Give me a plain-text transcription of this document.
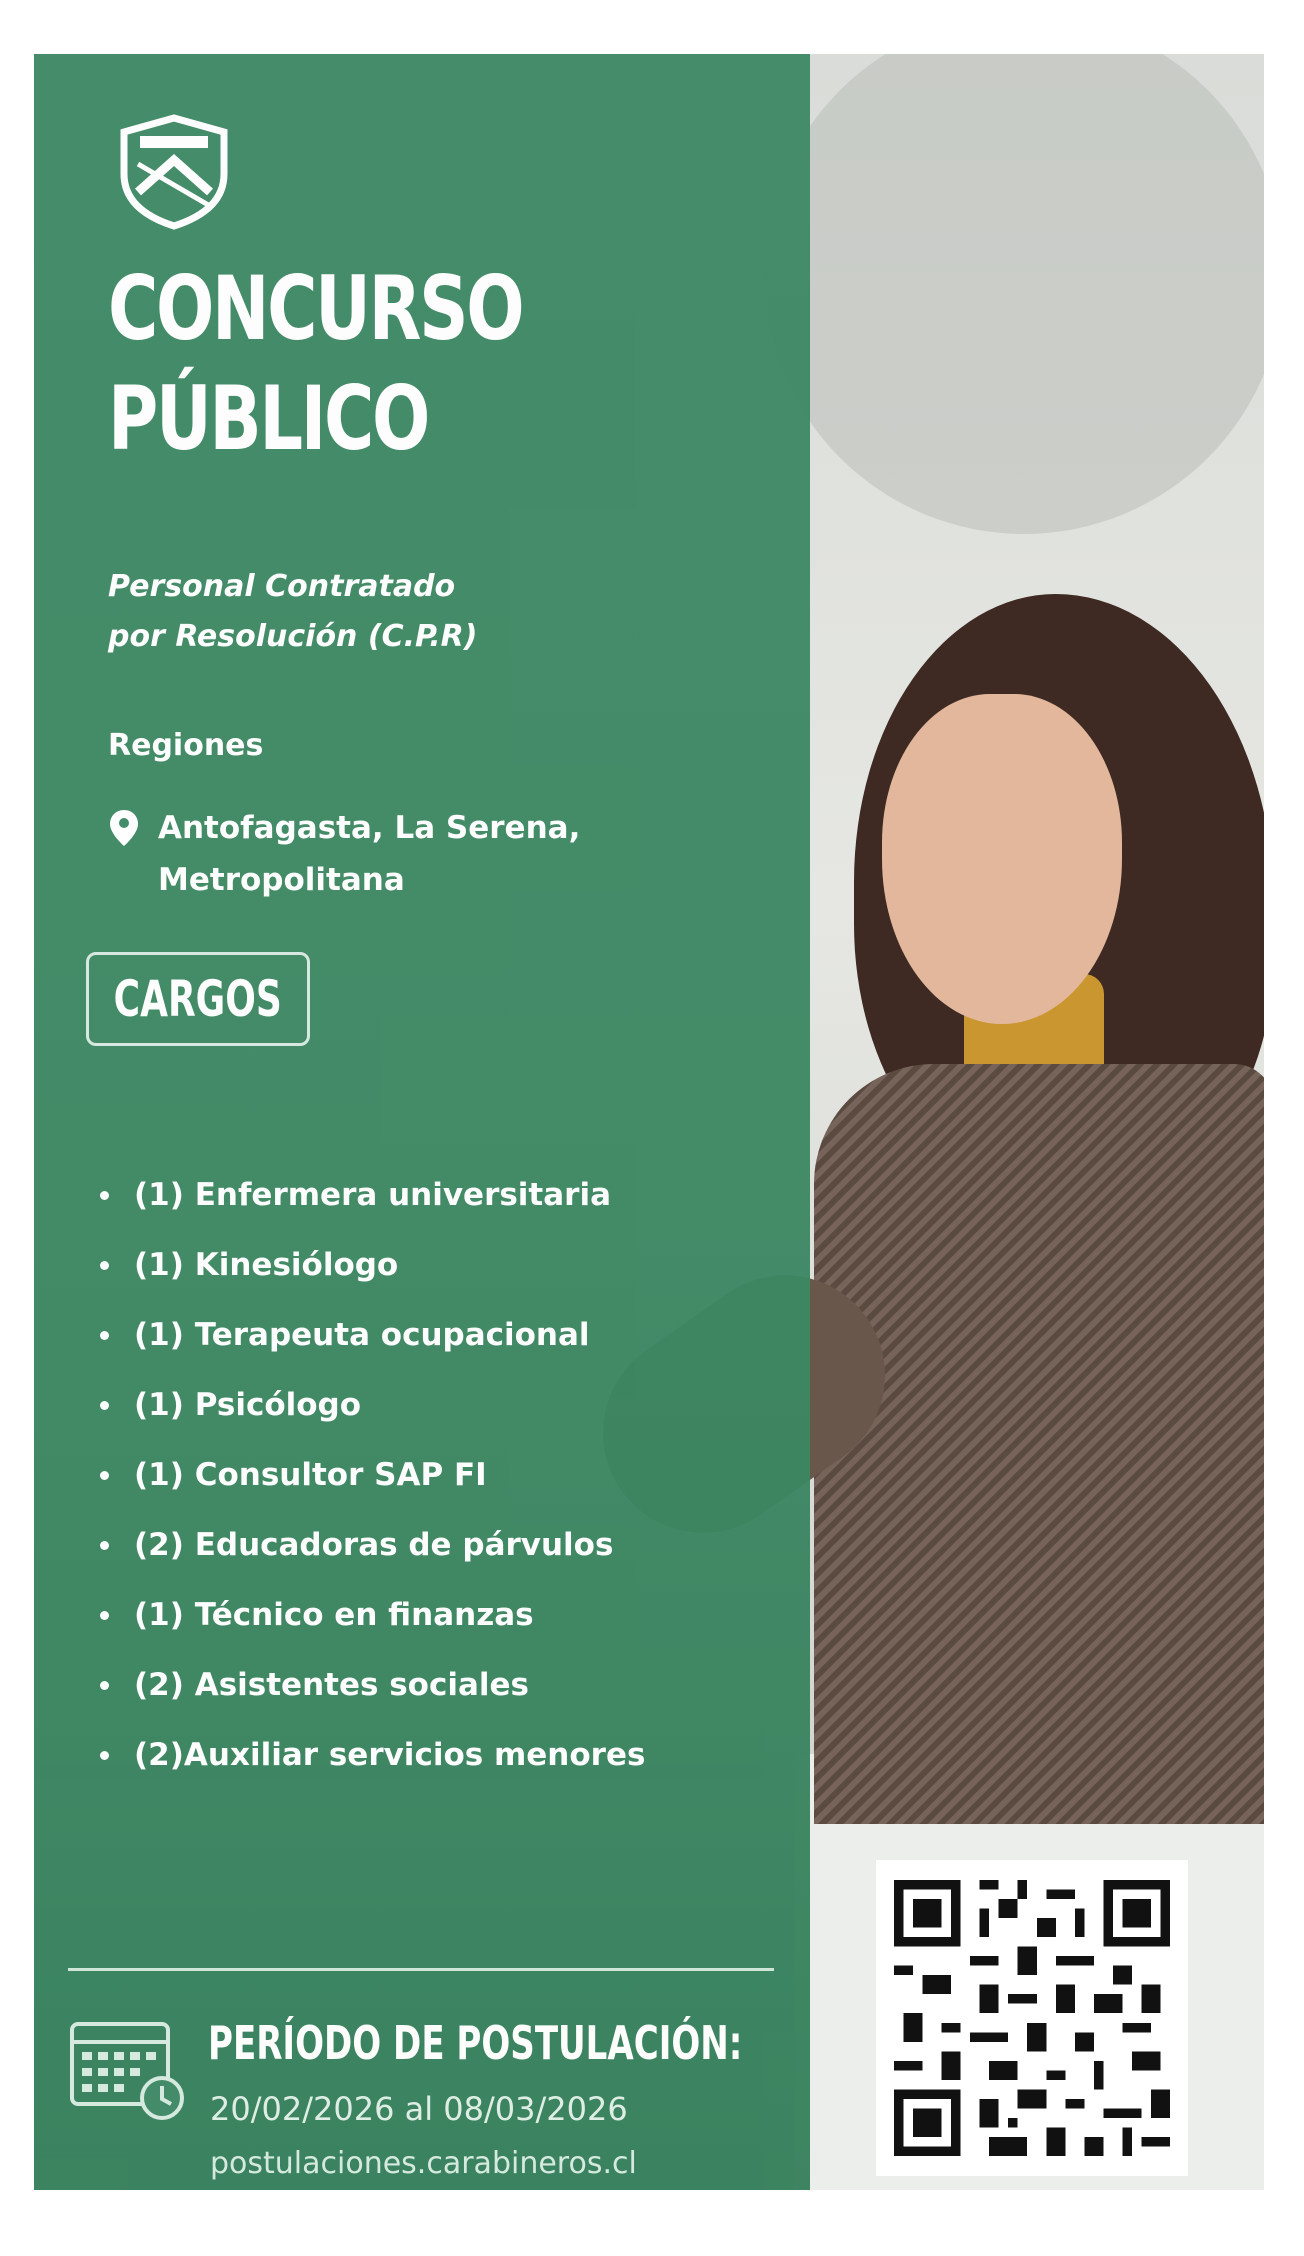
CONCURSO
PÚBLICO

Personal Contratado
por Resolución (C.P.R)

Regiones
Antofagasta, La Serena,
Metropolitana
CARGOS
(1) Enfermera universitaria
(1) Kinesiólogo
(1) Terapeuta ocupacional
(1) Psicólogo
(1) Consultor SAP FI
(2) Educadoras de párvulos
(1) Técnico en finanzas
(2) Asistentes sociales
(2)Auxiliar servicios menores
PERÍODO DE POSTULACIÓN:
20/02/2026 al 08/03/2026
postulaciones.carabineros.cl
